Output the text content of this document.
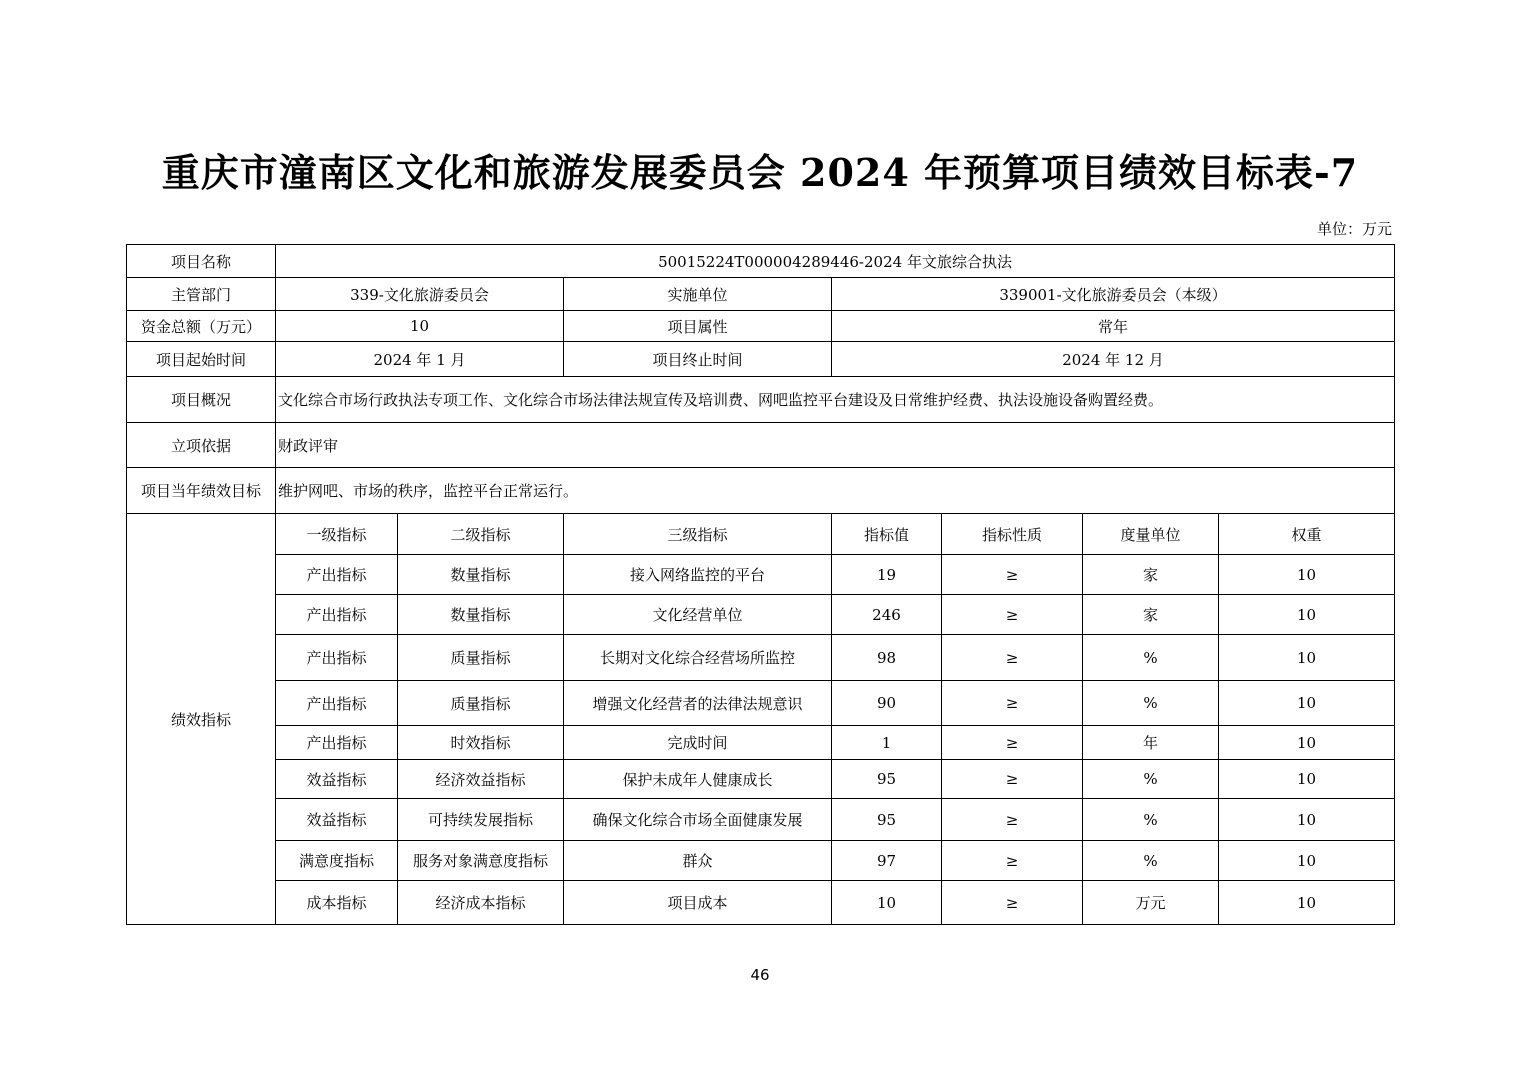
重庆市潼南区文化和旅游发展委员会 2024 年预算项目绩效目标表-7
单位：万元
项目名称	50015224T000004289446-2024 年文旅综合执法						
主管部门	339-文化旅游委员会		实施单位	339001-文化旅游委员会（本级）			
资金总额（万元）	10		项目属性	常年			
项目起始时间	2024 年 1 月		项目终止时间	2024 年 12 月			
项目概况	文化综合市场行政执法专项工作、文化综合市场法律法规宣传及培训费、网吧监控平台建设及日常维护经费、执法设施设备购置经费。						
立项依据	财政评审						
项目当年绩效目标	维护网吧、市场的秩序，监控平台正常运行。						
绩效指标	一级指标	二级指标	三级指标	指标值	指标性质	度量单位	权重
	产出指标	数量指标	接入网络监控的平台	19	≥	家	10
	产出指标	数量指标	文化经营单位	246	≥	家	10
	产出指标	质量指标	长期对文化综合经营场所监控	98	≥	%	10
	产出指标	质量指标	增强文化经营者的法律法规意识	90	≥	%	10
	产出指标	时效指标	完成时间	1	≥	年	10
	效益指标	经济效益指标	保护未成年人健康成长	95	≥	%	10
	效益指标	可持续发展指标	确保文化综合市场全面健康发展	95	≥	%	10
	满意度指标	服务对象满意度指标	群众	97	≥	%	10
	成本指标	经济成本指标	项目成本	10	≥	万元	10
46
